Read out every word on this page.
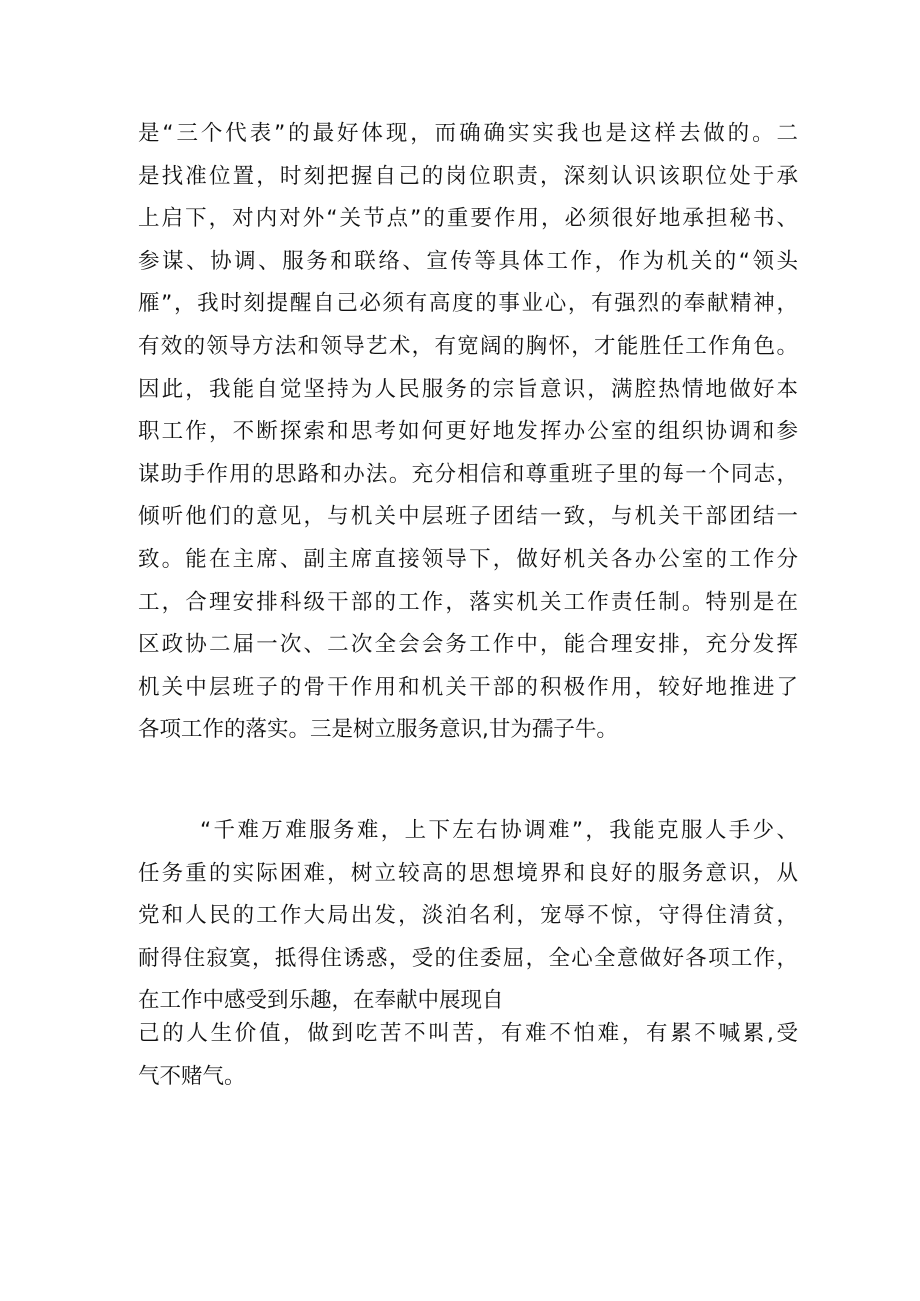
是“三个代表”的最好体现，而确确实实我也是这样去做的。二
是找准位置，时刻把握自己的岗位职责，深刻认识该职位处于承
上启下，对内对外“关节点”的重要作用，必须很好地承担秘书、
参谋、协调、服务和联络、宣传等具体工作，作为机关的“领头
雁”，我时刻提醒自己必须有高度的事业心，有强烈的奉献精神，
有效的领导方法和领导艺术，有宽阔的胸怀，才能胜任工作角色。
因此，我能自觉坚持为人民服务的宗旨意识，满腔热情地做好本
职工作，不断探索和思考如何更好地发挥办公室的组织协调和参
谋助手作用的思路和办法。充分相信和尊重班子里的每一个同志，
倾听他们的意见，与机关中层班子团结一致，与机关干部团结一
致。能在主席、副主席直接领导下，做好机关各办公室的工作分
工，合理安排科级干部的工作，落实机关工作责任制。特别是在
区政协二届一次、二次全会会务工作中，能合理安排，充分发挥
机关中层班子的骨干作用和机关干部的积极作用，较好地推进了
各项工作的落实。三是树立服务意识,甘为孺子牛。
“千难万难服务难，上下左右协调难”，我能克服人手少、
任务重的实际困难，树立较高的思想境界和良好的服务意识，从
党和人民的工作大局出发，淡泊名利，宠辱不惊，守得住清贫，
耐得住寂寞，抵得住诱惑，受的住委屈，全心全意做好各项工作，
在工作中感受到乐趣，在奉献中展现自
己的人生价值，做到吃苦不叫苦，有难不怕难，有累不喊累,受
气不赌气。
